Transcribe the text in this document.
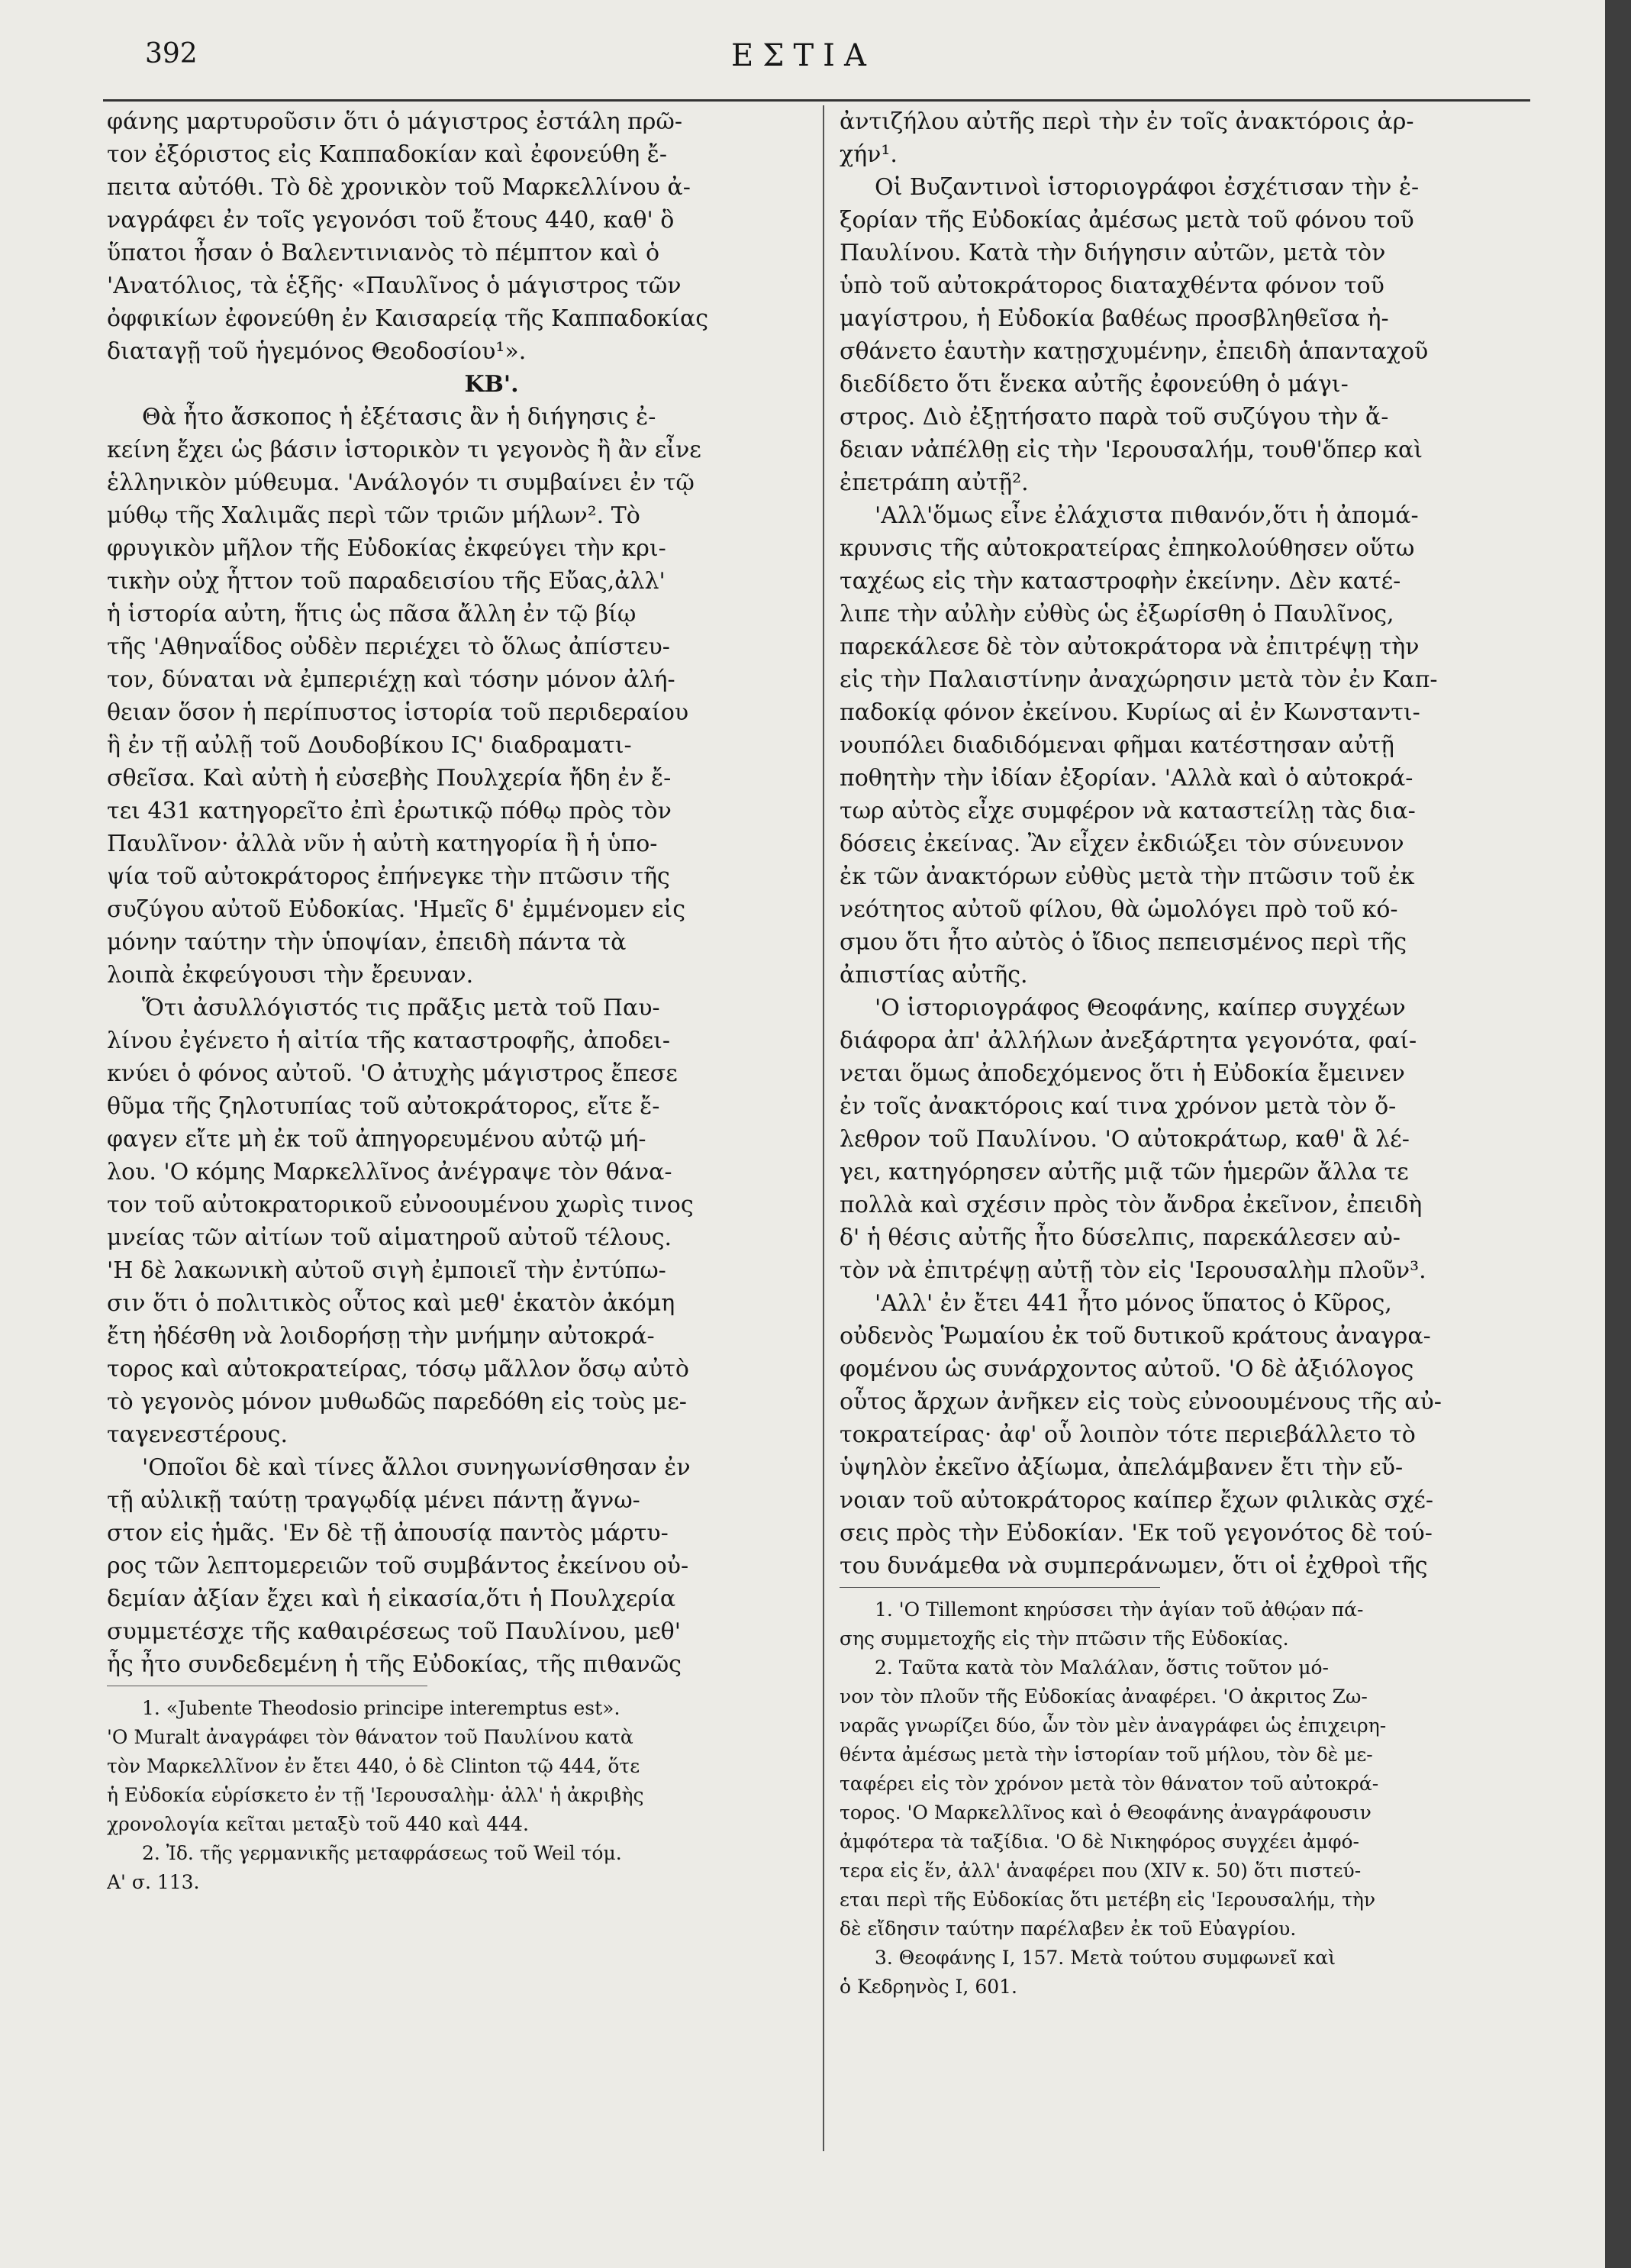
392	ΕΣΤΙΑ
φάνης μαρτυροῦσιν ὅτι ὁ μάγιστρος ἐστάλη πρῶ-
τον ἐξόριστος εἰς Καππαδοκίαν καὶ ἐφονεύθη ἔ-
πειτα αὐτόθι. Τὸ δὲ χρονικὸν τοῦ Μαρκελλίνου ἀ-
ναγράφει ἐν τοῖς γεγονόσι τοῦ ἔτους 440, καθ' ὃ
ὕπατοι ἦσαν ὁ Βαλεντινιανὸς τὸ πέμπτον καὶ ὁ
'Ανατόλιος, τὰ ἑξῆς· «Παυλῖνος ὁ μάγιστρος τῶν
ὀφφικίων ἐφονεύθη ἐν Καισαρείᾳ τῆς Καππαδοκίας
διαταγῇ τοῦ ἡγεμόνος Θεοδοσίου¹».
ΚΒ'.
Θὰ ἦτο ἄσκοπος ἡ ἐξέτασις ἂν ἡ διήγησις ἐ-
κείνη ἔχει ὡς βάσιν ἱστορικὸν τι γεγονὸς ἢ ἂν εἶνε
ἑλληνικὸν μύθευμα. 'Ανάλογόν τι συμβαίνει ἐν τῷ
μύθῳ τῆς Χαλιμᾶς περὶ τῶν τριῶν μήλων². Τὸ
φρυγικὸν μῆλον τῆς Εὐδοκίας ἐκφεύγει τὴν κρι-
τικὴν οὐχ ἧττον τοῦ παραδεισίου τῆς Εὔας,ἀλλ'
ἡ ἱστορία αὐτη, ἥτις ὡς πᾶσα ἄλλη ἐν τῷ βίῳ
τῆς 'Αθηναΐδος οὐδὲν περιέχει τὸ ὅλως ἀπίστευ-
τον, δύναται νὰ ἐμπεριέχῃ καὶ τόσην μόνον ἀλή-
θειαν ὅσον ἡ περίπυστος ἱστορία τοῦ περιδεραίου
ἣ ἐν τῇ αὐλῇ τοῦ Δουδοβίκου ΙϚ' διαδραματι-
σθεῖσα. Καὶ αὐτὴ ἡ εὐσεβὴς Πουλχερία ἤδη ἐν ἔ-
τει 431 κατηγορεῖτο ἐπὶ ἐρωτικῷ πόθῳ πρὸς τὸν
Παυλῖνον· ἀλλὰ νῦν ἡ αὐτὴ κατηγορία ἢ ἡ ὑπο-
ψία τοῦ αὐτοκράτορος ἐπήνεγκε τὴν πτῶσιν τῆς
συζύγου αὐτοῦ Εὐδοκίας. 'Ημεῖς δ' ἐμμένομεν εἰς
μόνην ταύτην τὴν ὑποψίαν, ἐπειδὴ πάντα τὰ
λοιπὰ ἐκφεύγουσι τὴν ἔρευναν.
Ὅτι ἀσυλλόγιστός τις πρᾶξις μετὰ τοῦ Παυ-
λίνου ἐγένετο ἡ αἰτία τῆς καταστροφῆς, ἀποδει-
κνύει ὁ φόνος αὐτοῦ. 'Ο ἀτυχὴς μάγιστρος ἔπεσε
θῦμα τῆς ζηλοτυπίας τοῦ αὐτοκράτορος, εἴτε ἔ-
φαγεν εἴτε μὴ ἐκ τοῦ ἀπηγορευμένου αὐτῷ μή-
λου. 'Ο κόμης Μαρκελλῖνος ἀνέγραψε τὸν θάνα-
τον τοῦ αὐτοκρατορικοῦ εὐνοουμένου χωρὶς τινος
μνείας τῶν αἰτίων τοῦ αἱματηροῦ αὐτοῦ τέλους.
'Η δὲ λακωνικὴ αὐτοῦ σιγὴ ἐμποιεῖ τὴν ἐντύπω-
σιν ὅτι ὁ πολιτικὸς οὗτος καὶ μεθ' ἑκατὸν ἀκόμη
ἔτη ἠδέσθη νὰ λοιδορήσῃ τὴν μνήμην αὐτοκρά-
τορος καὶ αὐτοκρατείρας, τόσῳ μᾶλλον ὅσῳ αὐτὸ
τὸ γεγονὸς μόνον μυθωδῶς παρεδόθη εἰς τοὺς με-
ταγενεστέρους.
'Οποῖοι δὲ καὶ τίνες ἄλλοι συνηγωνίσθησαν ἐν
τῇ αὐλικῇ ταύτῃ τραγῳδίᾳ μένει πάντῃ ἄγνω-
στον εἰς ἡμᾶς. 'Εν δὲ τῇ ἀπουσίᾳ παντὸς μάρτυ-
ρος τῶν λεπτομερειῶν τοῦ συμβάντος ἐκείνου οὐ-
δεμίαν ἀξίαν ἔχει καὶ ἡ εἰκασία,ὅτι ἡ Πουλχερία
συμμετέσχε τῆς καθαιρέσεως τοῦ Παυλίνου, μεθ'
ἧς ἦτο συνδεδεμένη ἡ τῆς Εὐδοκίας, τῆς πιθανῶς
1. «Jubente Theodosio principe interemptus est».
'Ο Muralt ἀναγράφει τὸν θάνατον τοῦ Παυλίνου κατὰ
τὸν Μαρκελλῖνον ἐν ἔτει 440, ὁ δὲ Clinton τῷ 444, ὅτε
ἡ Εὐδοκία εὑρίσκετο ἐν τῇ 'Ιερουσαλὴμ· ἀλλ' ἡ ἀκριβὴς
χρονολογία κεῖται μεταξὺ τοῦ 440 καὶ 444.
2. Ἰδ. τῆς γερμανικῆς μεταφράσεως τοῦ Weil τόμ.
Α' σ. 113.
ἀντιζήλου αὐτῆς περὶ τὴν ἐν τοῖς ἀνακτόροις ἀρ-
χήν¹.
Οἱ Βυζαντινοὶ ἱστοριογράφοι ἐσχέτισαν τὴν ἐ-
ξορίαν τῆς Εὐδοκίας ἀμέσως μετὰ τοῦ φόνου τοῦ
Παυλίνου. Κατὰ τὴν διήγησιν αὐτῶν, μετὰ τὸν
ὑπὸ τοῦ αὐτοκράτορος διαταχθέντα φόνον τοῦ
μαγίστρου, ἡ Εὐδοκία βαθέως προσβληθεῖσα ἠ-
σθάνετο ἑαυτὴν κατῃσχυμένην, ἐπειδὴ ἁπανταχοῦ
διεδίδετο ὅτι ἕνεκα αὐτῆς ἐφονεύθη ὁ μάγι-
στρος. Διὸ ἐξῃτήσατο παρὰ τοῦ συζύγου τὴν ἄ-
δειαν νἀπέλθῃ εἰς τὴν 'Ιερουσαλήμ, τουθ'ὅπερ καὶ
ἐπετράπη αὐτῇ².
'Αλλ'ὅμως εἶνε ἐλάχιστα πιθανόν,ὅτι ἡ ἀπομά-
κρυνσις τῆς αὐτοκρατείρας ἐπηκολούθησεν οὕτω
ταχέως εἰς τὴν καταστροφὴν ἐκείνην. Δὲν κατέ-
λιπε τὴν αὐλὴν εὐθὺς ὡς ἐξωρίσθη ὁ Παυλῖνος,
παρεκάλεσε δὲ τὸν αὐτοκράτορα νὰ ἐπιτρέψῃ τὴν
εἰς τὴν Παλαιστίνην ἀναχώρησιν μετὰ τὸν ἐν Καπ-
παδοκίᾳ φόνον ἐκείνου. Κυρίως αἱ ἐν Κωνσταντι-
νουπόλει διαδιδόμεναι φῆμαι κατέστησαν αὐτῇ
ποθητὴν τὴν ἰδίαν ἐξορίαν. 'Αλλὰ καὶ ὁ αὐτοκρά-
τωρ αὐτὸς εἶχε συμφέρον νὰ καταστείλῃ τὰς δια-
δόσεις ἐκείνας. Ἂν εἶχεν ἐκδιώξει τὸν σύνευνον
ἐκ τῶν ἀνακτόρων εὐθὺς μετὰ τὴν πτῶσιν τοῦ ἐκ
νεότητος αὐτοῦ φίλου, θὰ ὡμολόγει πρὸ τοῦ κό-
σμου ὅτι ἦτο αὐτὸς ὁ ἴδιος πεπεισμένος περὶ τῆς
ἀπιστίας αὐτῆς.
'Ο ἱστοριογράφος Θεοφάνης, καίπερ συγχέων
διάφορα ἀπ' ἀλλήλων ἀνεξάρτητα γεγονότα, φαί-
νεται ὅμως ἀποδεχόμενος ὅτι ἡ Εὐδοκία ἔμεινεν
ἐν τοῖς ἀνακτόροις καί τινα χρόνον μετὰ τὸν ὄ-
λεθρον τοῦ Παυλίνου. 'Ο αὐτοκράτωρ, καθ' ἃ λέ-
γει, κατηγόρησεν αὐτῆς μιᾷ τῶν ἡμερῶν ἄλλα τε
πολλὰ καὶ σχέσιν πρὸς τὸν ἄνδρα ἐκεῖνον, ἐπειδὴ
δ' ἡ θέσις αὐτῆς ἦτο δύσελπις, παρεκάλεσεν αὐ-
τὸν νὰ ἐπιτρέψῃ αὐτῇ τὸν εἰς 'Ιερουσαλὴμ πλοῦν³.
'Αλλ' ἐν ἔτει 441 ἦτο μόνος ὕπατος ὁ Κῦρος,
οὐδενὸς Ῥωμαίου ἐκ τοῦ δυτικοῦ κράτους ἀναγρα-
φομένου ὡς συνάρχοντος αὐτοῦ. 'Ο δὲ ἀξιόλογος
οὗτος ἄρχων ἀνῆκεν εἰς τοὺς εὐνοουμένους τῆς αὐ-
τοκρατείρας· ἀφ' οὗ λοιπὸν τότε περιεβάλλετο τὸ
ὑψηλὸν ἐκεῖνο ἀξίωμα, ἀπελάμβανεν ἔτι τὴν εὔ-
νοιαν τοῦ αὐτοκράτορος καίπερ ἔχων φιλικὰς σχέ-
σεις πρὸς τὴν Εὐδοκίαν. 'Εκ τοῦ γεγονότος δὲ τού-
του δυνάμεθα νὰ συμπεράνωμεν, ὅτι οἱ ἐχθροὶ τῆς
1. 'Ο Tillemont κηρύσσει τὴν ἁγίαν τοῦ ἀθῴαν πά-
σης συμμετοχῆς εἰς τὴν πτῶσιν τῆς Εὐδοκίας.
2. Ταῦτα κατὰ τὸν Μαλάλαν, ὅστις τοῦτον μό-
νον τὸν πλοῦν τῆς Εὐδοκίας ἀναφέρει. 'Ο ἀκριτος Ζω-
ναρᾶς γνωρίζει δύο, ὧν τὸν μὲν ἀναγράφει ὡς ἐπιχειρη-
θέντα ἀμέσως μετὰ τὴν ἱστορίαν τοῦ μήλου, τὸν δὲ με-
ταφέρει εἰς τὸν χρόνον μετὰ τὸν θάνατον τοῦ αὐτοκρά-
τορος. 'Ο Μαρκελλῖνος καὶ ὁ Θεοφάνης ἀναγράφουσιν
ἀμφότερα τὰ ταξίδια. 'Ο δὲ Νικηφόρος συγχέει ἀμφό-
τερα εἰς ἕν, ἀλλ' ἀναφέρει που (XIV κ. 50) ὅτι πιστεύ-
εται περὶ τῆς Εὐδοκίας ὅτι μετέβη εἰς 'Ιερουσαλήμ, τὴν
δὲ εἴδησιν ταύτην παρέλαβεν ἐκ τοῦ Εὐαγρίου.
3. Θεοφάνης Ι, 157. Μετὰ τούτου συμφωνεῖ καὶ
ὁ Κεδρηνὸς Ι, 601.
